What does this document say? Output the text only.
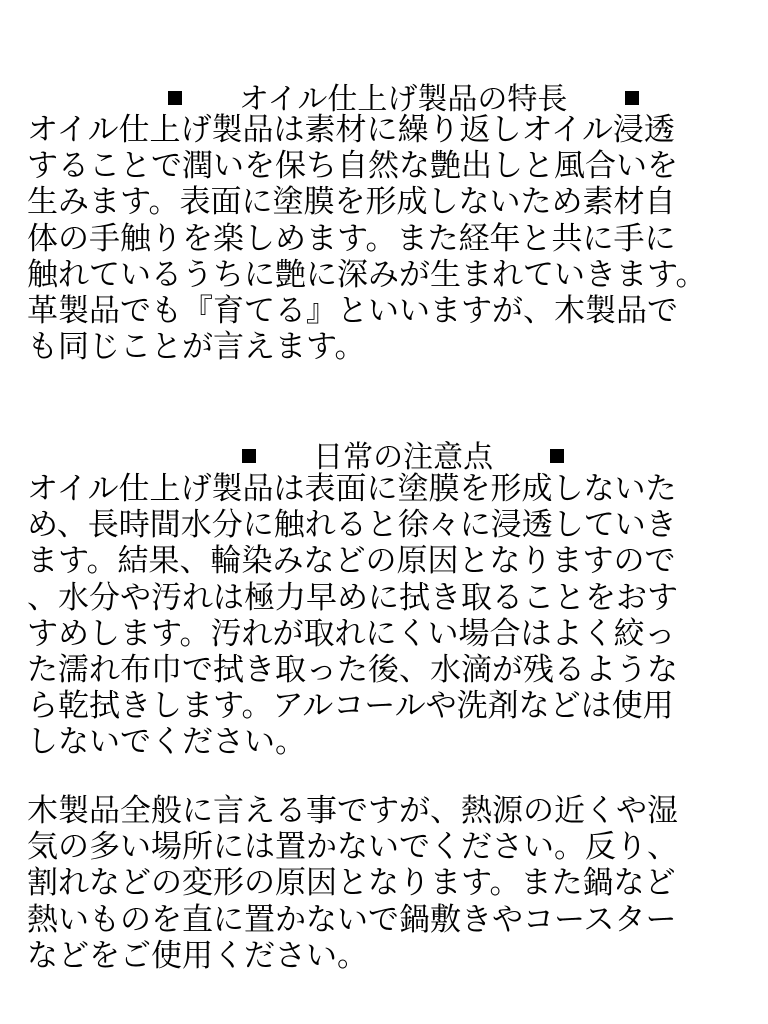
オイル仕上げ製品の特長

オイル仕上げ製品は素材に繰り返しオイル浸透
することで潤いを保ち自然な艶出しと風合いを
生みます。表面に塗膜を形成しないため素材自
体の手触りを楽しめます。また経年と共に手に
触れているうちに艶に深みが生まれていきます。
革製品でも『育てる』といいますが、木製品で
も同じことが言えます。

日常の注意点

オイル仕上げ製品は表面に塗膜を形成しないた
め、長時間水分に触れると徐々に浸透していき
ます。結果、輪染みなどの原因となりますので
、水分や汚れは極力早めに拭き取ることをおす
すめします。汚れが取れにくい場合はよく絞っ
た濡れ布巾で拭き取った後、水滴が残るような
ら乾拭きします。アルコールや洗剤などは使用
しないでください。
木製品全般に言える事ですが、熱源の近くや湿
気の多い場所には置かないでください。反り、
割れなどの変形の原因となります。また鍋など
熱いものを直に置かないで鍋敷きやコースター
などをご使用ください。
